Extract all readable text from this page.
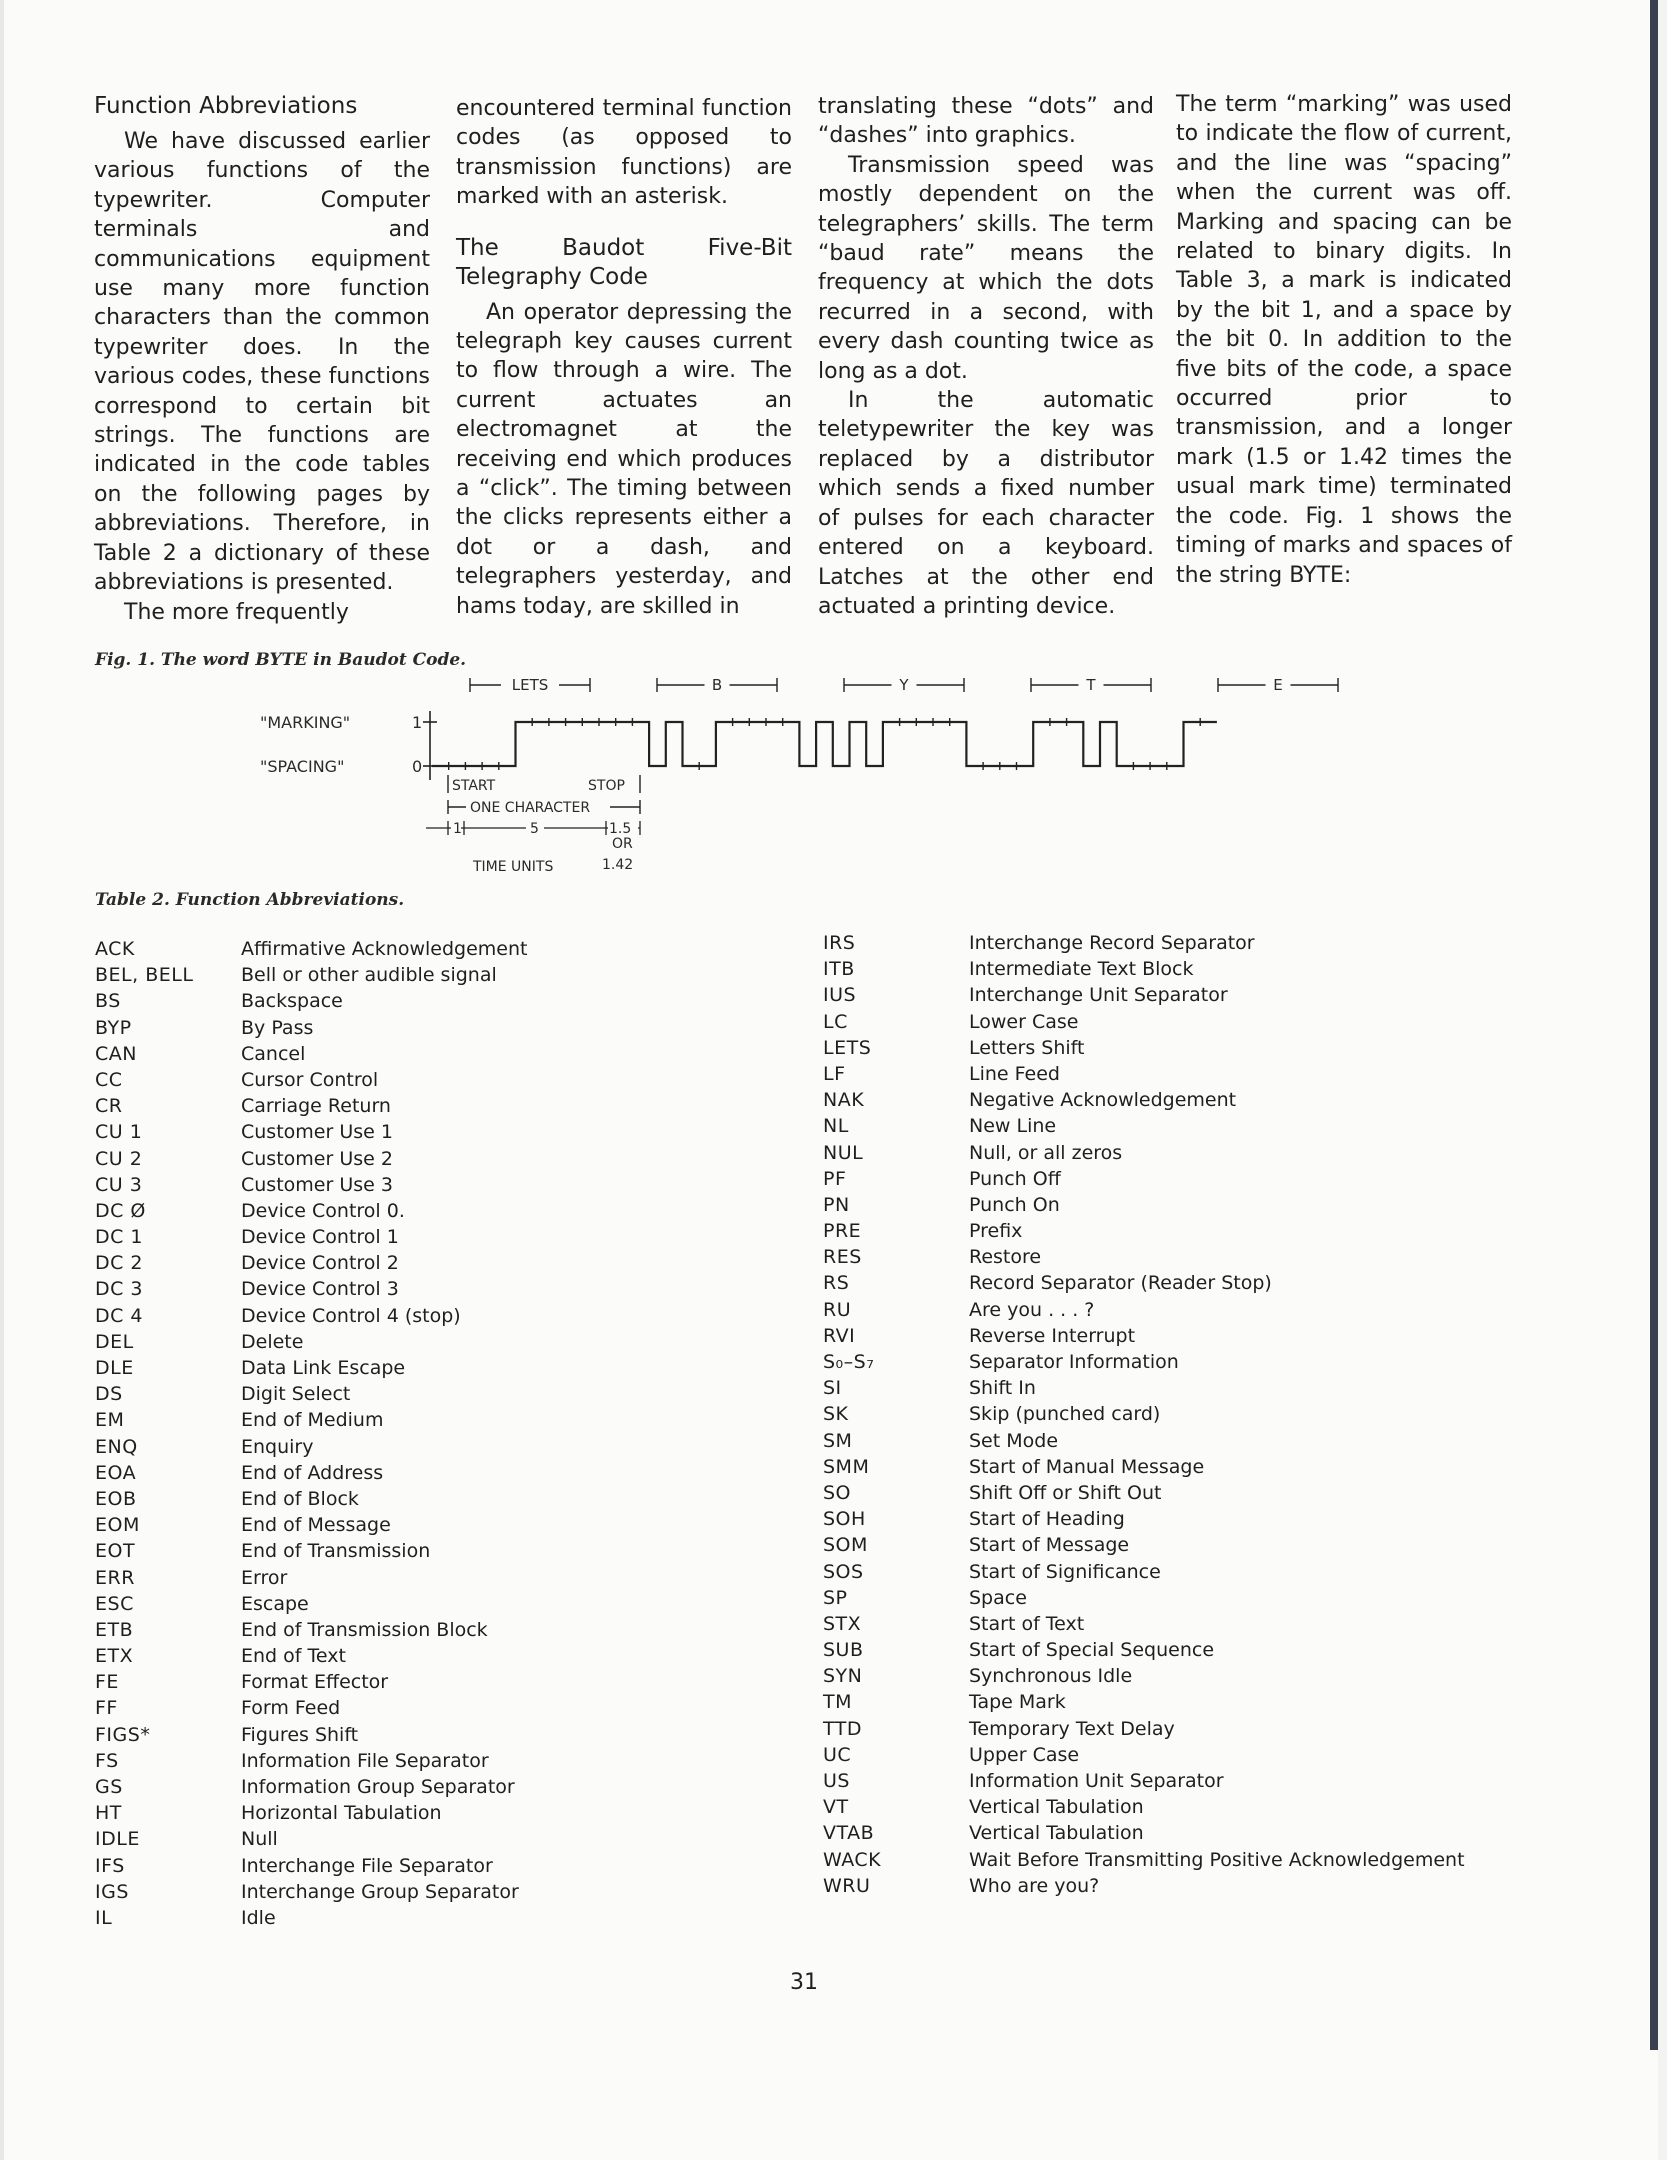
Function Abbreviations

We have discussed earlier various functions of the typewriter. Computer terminals and communications equipment use many more function characters than the common typewriter does. In the various codes, these functions correspond to certain bit strings. The functions are indicated in the code tables on the following pages by abbreviations. Therefore, in Table 2 a dictionary of these abbreviations is presented.

The more frequently

encountered terminal function codes (as opposed to transmission functions) are marked with an asterisk.

The Baudot Five-Bit Telegraphy Code

An operator depressing the telegraph key causes current to flow through a wire. The current actuates an electromagnet at the receiving end which produces a “click”. The timing between the clicks represents either a dot or a dash, and telegraphers yesterday, and hams today, are skilled in

translating these “dots” and “dashes” into graphics.

Transmission speed was mostly dependent on the telegraphers’ skills. The term “baud rate” means the frequency at which the dots recurred in a second, with every dash counting twice as long as a dot.

In the automatic teletypewriter the key was replaced by a distributor which sends a fixed number of pulses for each character entered on a keyboard. Latches at the other end actuated a printing device.

The term “marking” was used to indicate the flow of current, and the line was “spacing” when the current was off. Marking and spacing can be related to binary digits. In Table 3, a mark is indicated by the bit 1, and a space by the bit 0. In addition to the five bits of the code, a space occurred prior to transmission, and a longer mark (1.5 or 1.42 times the usual mark time) terminated the code. Fig. 1 shows the timing of marks and spaces of the string BYTE:

Fig. 1. The word BYTE in Baudot Code.
"MARKING"
"SPACING"
1
0
LETS	B	Y	T	E
START	STOP
ONE CHARACTER
1	5	1.5
OR
1.42
TIME UNITS
Table 2. Function Abbreviations.
ACK	Affirmative Acknowledgement
BEL, BELL	Bell or other audible signal
BS	Backspace
BYP	By Pass
CAN	Cancel
CC	Cursor Control
CR	Carriage Return
CU 1	Customer Use 1
CU 2	Customer Use 2
CU 3	Customer Use 3
DC Ø	Device Control 0.
DC 1	Device Control 1
DC 2	Device Control 2
DC 3	Device Control 3
DC 4	Device Control 4 (stop)
DEL	Delete
DLE	Data Link Escape
DS	Digit Select
EM	End of Medium
ENQ	Enquiry
EOA	End of Address
EOB	End of Block
EOM	End of Message
EOT	End of Transmission
ERR	Error
ESC	Escape
ETB	End of Transmission Block
ETX	End of Text
FE	Format Effector
FF	Form Feed
FIGS*	Figures Shift
FS	Information File Separator
GS	Information Group Separator
HT	Horizontal Tabulation
IDLE	Null
IFS	Interchange File Separator
IGS	Interchange Group Separator
IL	Idle
IRS	Interchange Record Separator
ITB	Intermediate Text Block
IUS	Interchange Unit Separator
LC	Lower Case
LETS	Letters Shift
LF	Line Feed
NAK	Negative Acknowledgement
NL	New Line
NUL	Null, or all zeros
PF	Punch Off
PN	Punch On
PRE	Prefix
RES	Restore
RS	Record Separator (Reader Stop)
RU	Are you . . . ?
RVI	Reverse Interrupt
S₀–S₇	Separator Information
SI	Shift In
SK	Skip (punched card)
SM	Set Mode
SMM	Start of Manual Message
SO	Shift Off or Shift Out
SOH	Start of Heading
SOM	Start of Message
SOS	Start of Significance
SP	Space
STX	Start of Text
SUB	Start of Special Sequence
SYN	Synchronous Idle
TM	Tape Mark
TTD	Temporary Text Delay
UC	Upper Case
US	Information Unit Separator
VT	Vertical Tabulation
VTAB	Vertical Tabulation
WACK	Wait Before Transmitting Positive Acknowledgement
WRU	Who are you?
31
